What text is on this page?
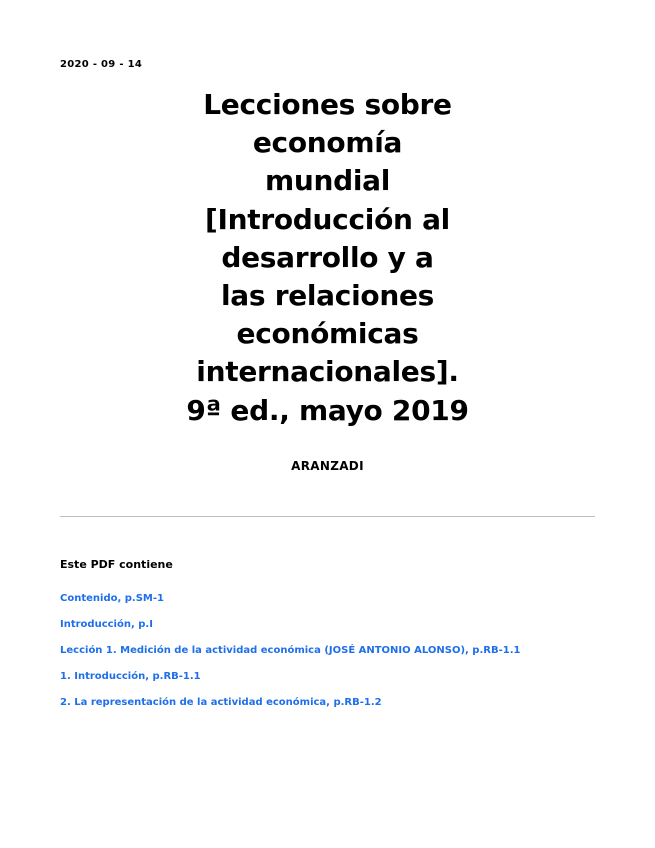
2020 - 09 - 14
Lecciones sobre
economía
mundial
[Introducción al
desarrollo y a
las relaciones
económicas
internacionales].
9ª ed., mayo 2019
ARANZADI
Este PDF contiene
Contenido, p.SM-1
Introducción, p.I
Lección 1. Medición de la actividad económica (JOSÉ ANTONIO ALONSO), p.RB-1.1
1. Introducción, p.RB-1.1
2. La representación de la actividad económica, p.RB-1.2
